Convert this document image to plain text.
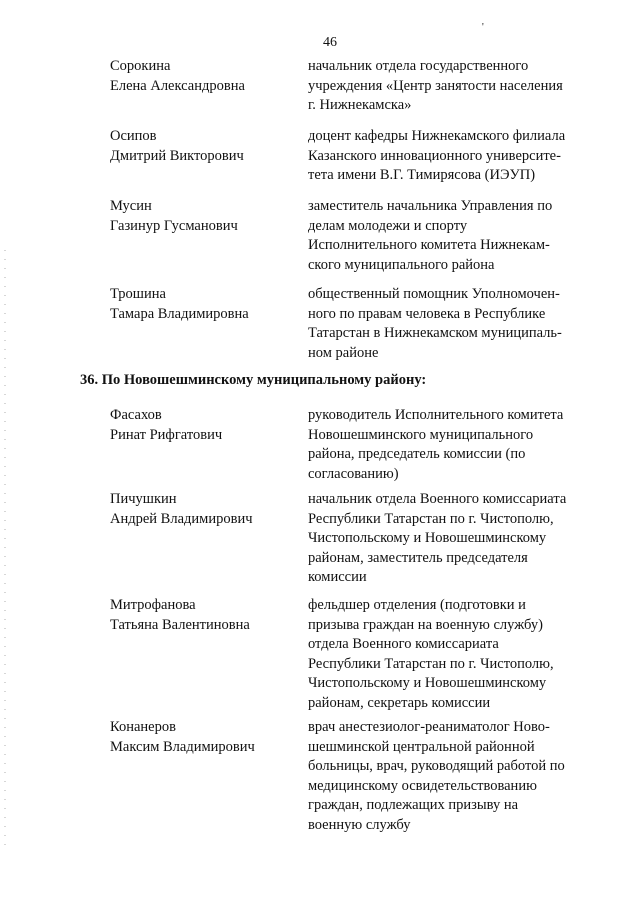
'
46
Сорокина
Елена Александровна
начальник отдела государственного
учреждения «Центр занятости населения
г. Нижнекамска»
Осипов
Дмитрий Викторович
доцент кафедры Нижнекамского филиала
Казанского инновационного университе-
тета имени В.Г. Тимирясова (ИЭУП)
Мусин
Газинур Гусманович
заместитель начальника Управления по
делам молодежи и спорту
Исполнительного комитета Нижнекам-
ского муниципального района
Трошина
Тамара Владимировна
общественный помощник Уполномочен-
ного по правам человека в Республике
Татарстан в Нижнекамском муниципаль-
ном районе
36. По Новошешминскому муниципальному району:
Фасахов
Ринат Рифгатович
руководитель Исполнительного комитета
Новошешминского муниципального
района, председатель комиссии (по
согласованию)
Пичушкин
Андрей Владимирович
начальник отдела Военного комиссариата
Республики Татарстан по г. Чистополю,
Чистопольскому и Новошешминскому
районам, заместитель председателя
комиссии
Митрофанова
Татьяна Валентиновна
фельдшер отделения (подготовки и
призыва граждан на военную службу)
отдела Военного комиссариата
Республики Татарстан по г. Чистополю,
Чистопольскому и Новошешминскому
районам, секретарь комиссии
Конанеров
Максим Владимирович
врач анестезиолог-реаниматолог Ново-
шешминской центральной районной
больницы, врач, руководящий работой по
медицинскому освидетельствованию
граждан, подлежащих призыву на
военную службу
